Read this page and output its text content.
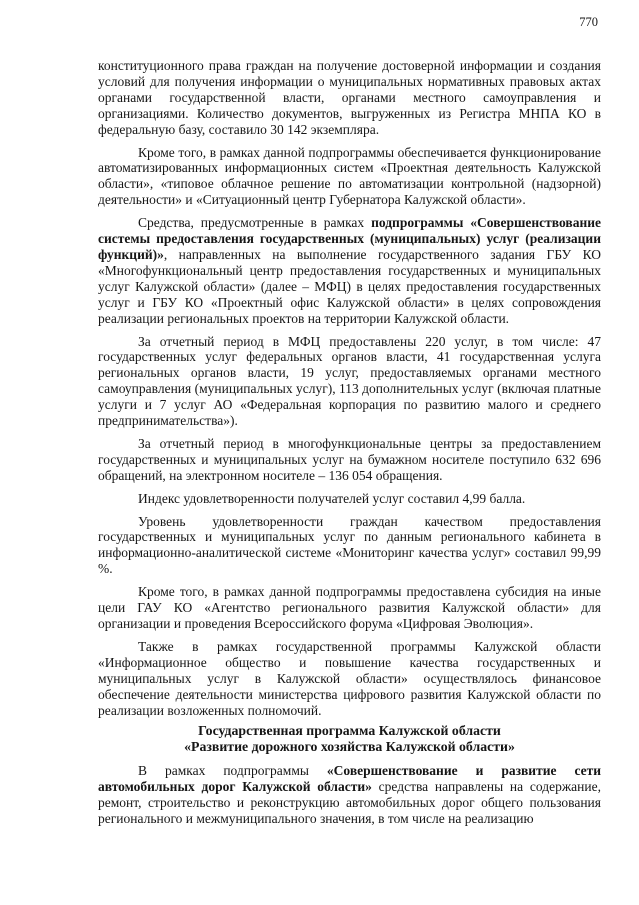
770

конституционного права граждан на получение достоверной информации и создания условий для получения информации о муниципальных нормативных правовых актах органами государственной власти, органами местного самоуправления и организациями. Количество документов, выгруженных из Регистра МНПА КО в федеральную базу, составило 30 142 экземпляра.

Кроме того, в рамках данной подпрограммы обеспечивается функционирование автоматизированных информационных систем «Проектная деятельность Калужской области», «типовое облачное решение по автоматизации контрольной (надзорной) деятельности» и «Ситуационный центр Губернатора Калужской области».

Средства, предусмотренные в рамках подпрограммы «Совершенствование системы предоставления государственных (муниципальных) услуг (реализации функций)», направленных на выполнение государственного задания ГБУ КО «Многофункциональный центр предоставления государственных и муниципальных услуг Калужской области» (далее – МФЦ) в целях предоставления государственных услуг и ГБУ КО «Проектный офис Калужской области» в целях сопровождения реализации региональных проектов на территории Калужской области.

За отчетный период в МФЦ предоставлены 220 услуг, в том числе: 47 государственных услуг федеральных органов власти, 41 государственная услуга региональных органов власти, 19 услуг, предоставляемых органами местного самоуправления (муниципальных услуг), 113 дополнительных услуг (включая платные услуги и 7 услуг АО «Федеральная корпорация по развитию малого и среднего предпринимательства»).

За отчетный период в многофункциональные центры за предоставлением государственных и муниципальных услуг на бумажном носителе поступило 632 696 обращений, на электронном носителе – 136 054 обращения.

Индекс удовлетворенности получателей услуг составил 4,99 балла.

Уровень удовлетворенности граждан качеством предоставления государственных и муниципальных услуг по данным регионального кабинета в информационно-аналитической системе «Мониторинг качества услуг» составил 99,99 %.

Кроме того, в рамках данной подпрограммы предоставлена субсидия на иные цели ГАУ КО «Агентство регионального развития Калужской области» для организации и проведения Всероссийского форума «Цифровая Эволюция».

Также в рамках государственной программы Калужской области «Информационное общество и повышение качества государственных и муниципальных услуг в Калужской области» осуществлялось финансовое обеспечение деятельности министерства цифрового развития Калужской области по реализации возложенных полномочий.

Государственная программа Калужской области
«Развитие дорожного хозяйства Калужской области»

В рамках подпрограммы «Совершенствование и развитие сети автомобильных дорог Калужской области» средства направлены на содержание, ремонт, строительство и реконструкцию автомобильных дорог общего пользования регионального и межмуниципального значения, в том числе на реализацию
